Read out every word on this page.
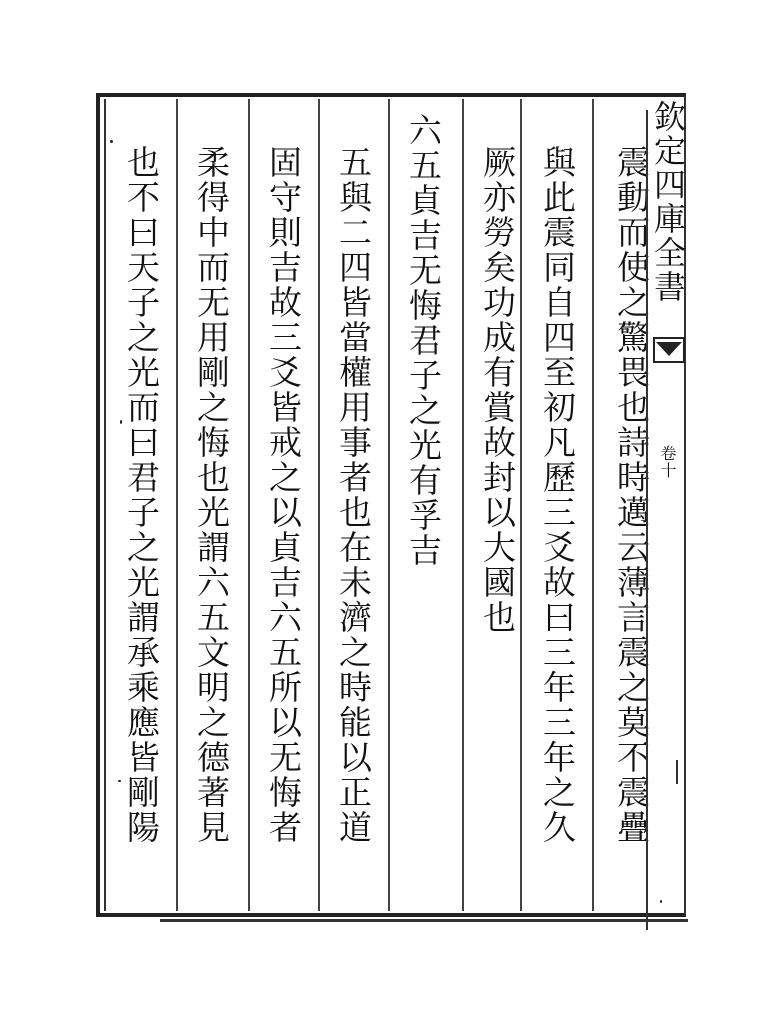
震動而使之驚畏也詩時邁云薄言震之莫不震疊
與此震同自四至初凡歷三爻故曰三年三年之久
厥亦勞矣功成有賞故封以大國也
六五貞吉无悔君子之光有孚吉
五與二四皆當權用事者也在未濟之時能以正道
固守則吉故三爻皆戒之以貞吉六五所以无悔者
柔得中而无用剛之悔也光謂六五文明之德著見
也不曰天子之光而曰君子之光謂承乘應皆剛陽	欽定四庫全書
卷十
